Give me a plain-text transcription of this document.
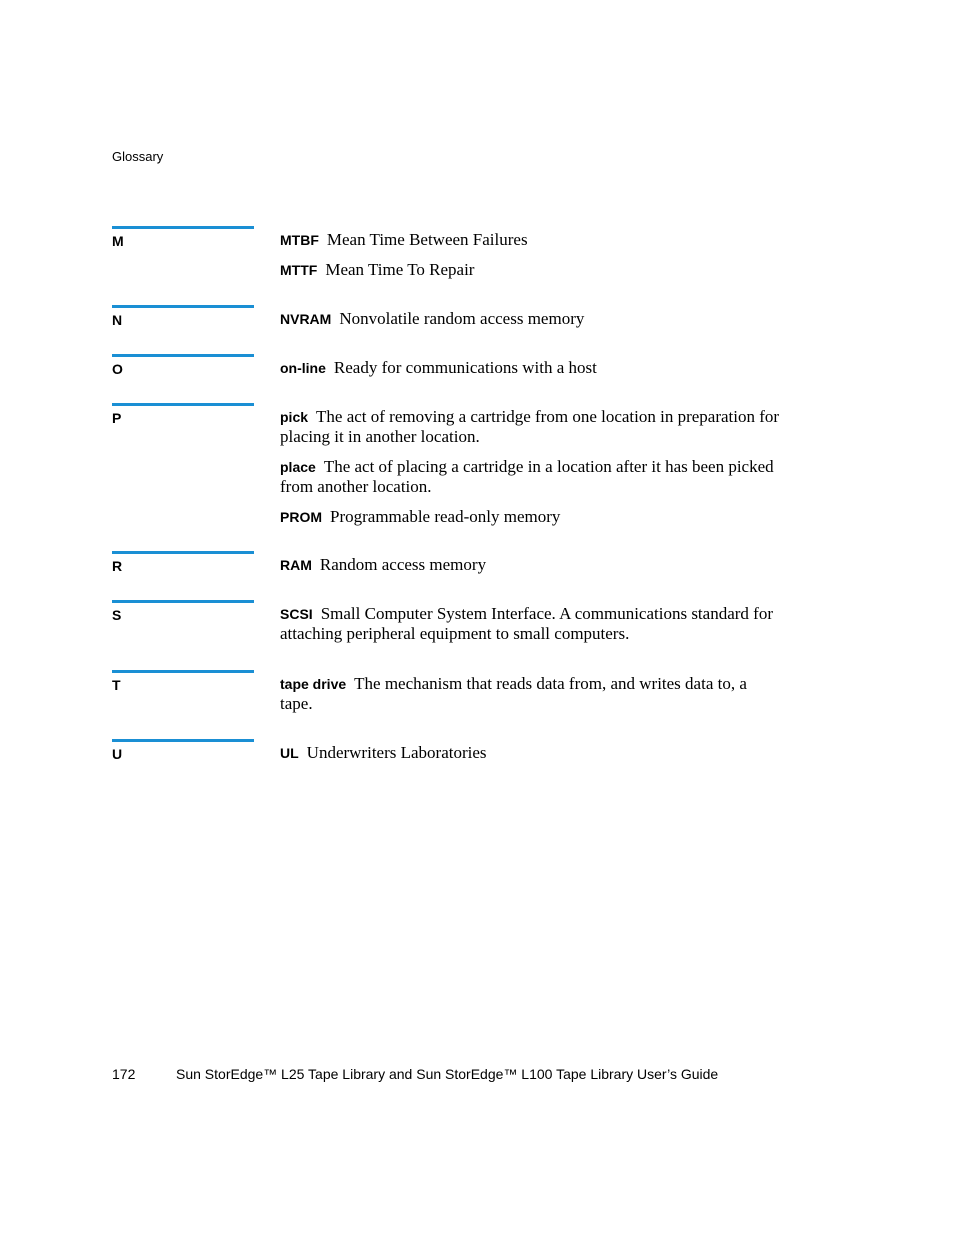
Glossary
M	MTBF Mean Time Between Failures
MTTF Mean Time To Repair
N	NVRAM Nonvolatile random access memory
O	on-line Ready for communications with a host
P	pick The act of removing a cartridge from one location in preparation for placing it in another location.
place The act of placing a cartridge in a location after it has been picked from another location.
PROM Programmable read-only memory
R	RAM Random access memory
S	SCSI Small Computer System Interface. A communications standard for attaching peripheral equipment to small computers.
T	tape drive The mechanism that reads data from, and writes data to, a tape.
U	UL Underwriters Laboratories
172	Sun StorEdge™ L25 Tape Library and Sun StorEdge™ L100 Tape Library User’s Guide
